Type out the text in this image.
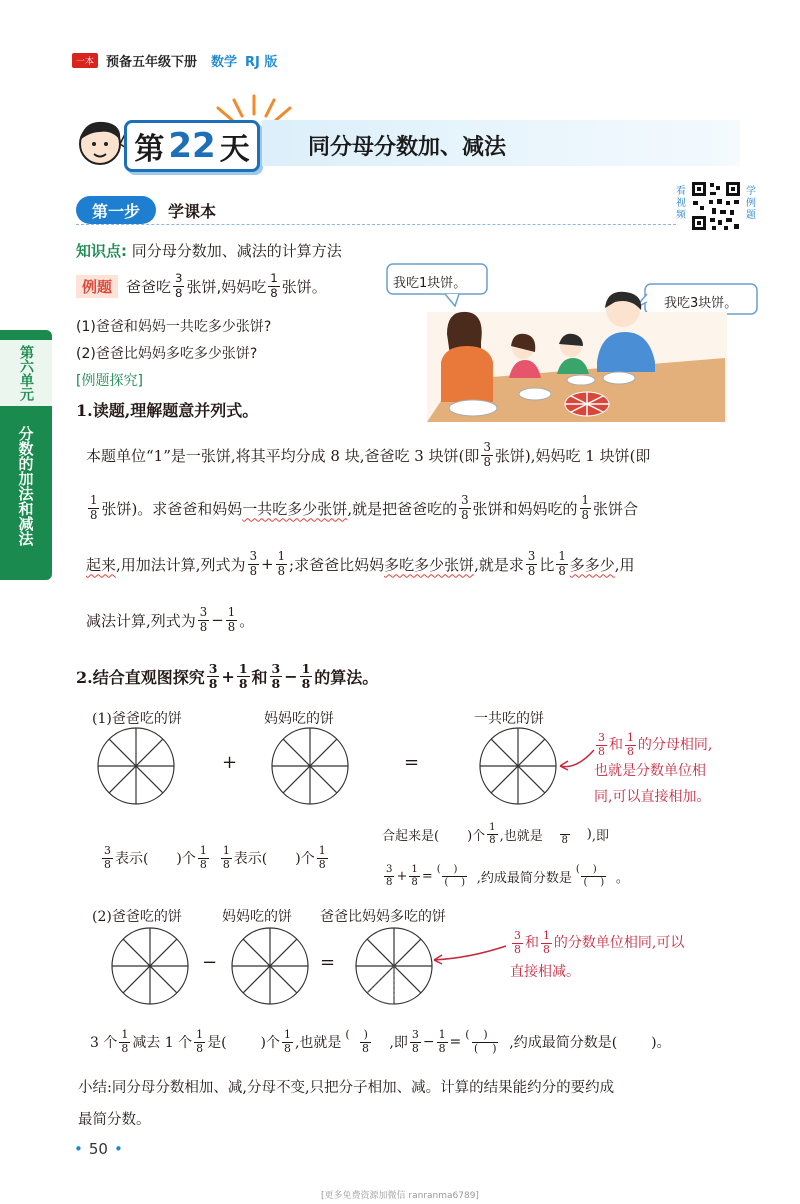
一本 预备五年级下册 数学 RJ 版
第 22 天	同分母分数加、减法
第一步 学课本
看视频
学例题
知识点: 同分母分数加、减法的计算方法
例题 爸爸吃 $\frac{3}{8}$ 张饼,妈妈吃 $\frac{1}{8}$ 张饼。
(1)爸爸和妈妈一共吃多少张饼?
(2)爸爸比妈妈多吃多少张饼?
[例题探究]
我吃1块饼。
我吃3块饼。
第六单元
分数的加法和减法
1.读题,理解题意并列式。
本题单位“1”是一张饼,将其平均分成 8 块,爸爸吃 3 块饼(即 $\frac{3}{8}$ 张饼),妈妈吃 1 块饼(即
$\frac{1}{8}$ 张饼)。求爸爸和妈妈 一共吃多少张饼 ,就是把爸爸吃的 $\frac{3}{8}$ 张饼和妈妈吃的 $\frac{1}{8}$ 张饼合
起来 ,用加法计算,列式为 $\frac{3}{8} + \frac{1}{8}$ ;求爸爸比妈妈 多吃多少张饼 ,就是求 $\frac{3}{8}$ 比 $\frac{1}{8}$ 多多少 ,用
减法计算,列式为 $\frac{3}{8} - \frac{1}{8}$ 。
2.结合直观图探究 $\frac{3}{8} + \frac{1}{8}$ 和 $\frac{3}{8} - \frac{1}{8}$ 的算法。
(1)爸爸吃的饼	妈妈吃的饼	一共吃的饼
+	=
$\frac{3}{8}$ 和 $\frac{1}{8}$ 的分母相同,
也就是分数单位相
同,可以直接相加。
$\frac{3}{8}$ 表示( )个 $\frac{1}{8} \frac{1}{8}$ 表示( )个 $\frac{1}{8}$
合起来是( )个 $\frac{1}{8}$ ,也就是
8 ) ,即
$\frac{3}{8} + \frac{1}{8} = \frac{( )}{( )}$ ,约成最简分数是 $\frac{( )}{( )}$ 。
(2)爸爸吃的饼	妈妈吃的饼 爸爸比妈妈多吃的饼
−	=
$\frac{3}{8}$ 和 $\frac{1}{8}$ 的分数单位相同,可以
直接相减。
3 个 $\frac{1}{8}$ 减去 1 个 $\frac{1}{8}$ 是( )个 $\frac{1}{8}$ ,也就是 $\frac{( )}{8}$ ,即 $\frac{3}{8} - \frac{1}{8} = \frac{( )}{( )}$ ,约成最简分数是( )。
小结:同分母分数相加、减,分母不变,只把分子相加、减。计算的结果能约分的要约成
最简分数。
• 50 •
[更多免费资源加微信 ranranma6789]
